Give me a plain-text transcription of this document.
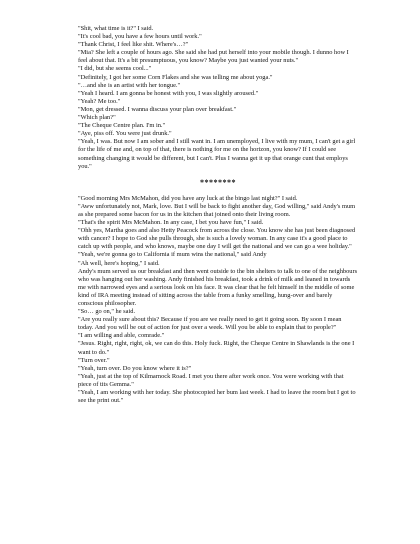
"Shit, what time is it?" I said.

"It's cool bad, you have a few hours until work."

"Thank Christ, I feel like shit. Where's…?"

"Mia? She left a couple of hours ago. She said she had put herself into your mobile though. I dunno how I feel about that. It's a bit presumptuous, you know? Maybe you just wanted your nuts."

"I did, but she seems cool..."

"Definitely, I got her some Corn Flakes and she was telling me about yoga."

"…and she is an artist with her tongue."

"Yeah I heard. I am gonna be honest with you, I was slightly aroused."

"Yeah? Me too."

"Mon, get dressed. I wanna discuss your plan over breakfast."

"Which plan?"

"The Cheque Centre plan. I'm in."

"Aye, piss off. You were just drunk."

"Yeah, I was. But now I am sober and I still want in. I am unemployed, I live with my mum, I can't get a girl for the life of me and, on top of that, there is nothing for me on the horizon, you know? If I could see something changing it would be different, but I can't. Plus I wanna get it up that orange cunt that employs you."

********

"Good morning Mrs McMahon, did you have any luck at the bingo last night?" I said.

"Aww unfortunately not, Mark, love. But I will be back to fight another day, God willing," said Andy's mum as she prepared some bacon for us in the kitchen that joined onto their living room.

"That's the spirit Mrs McMahon. In any case, I bet you have fun," I said.

"Ohh yes, Martha goes and also Hetty Peacock from across the close. You know she has just been diagnosed with cancer? I hope to God she pulls through, she is such a lovely woman. In any case it's a good place to catch up with people, and who knows, maybe one day I will get the national and we can go a wee holiday."

"Yeah, we're gonna go to California if mum wins the national," said Andy

"Ah well, here's hoping," I said.

Andy's mum served us our breakfast and then went outside to the bin shelters to talk to one of the neighbours who was hanging out her washing. Andy finished his breakfast, took a drink of milk and leaned in towards me with narrowed eyes and a serious look on his face. It was clear that he felt himself in the middle of some kind of IRA meeting instead of sitting across the table from a funky smelling, hung-over and barely conscious philosopher.

"So… go on," he said.

"Are you really sure about this? Because if you are we really need to get it going soon. By soon I mean today. And you will be out of action for just over a week. Will you be able to explain that to people?"

"I am willing and able, comrade."

"Jesus. Right, right, right, ok, we can do this. Holy fuck. Right, the Cheque Centre in Shawlands is the one I want to do."

"Turn over."

"Yeah, turn over. Do you know where it is?"

"Yeah, just at the top of Kilmarnock Road. I met you there after work once. You were working with that piece of tits Gemma."

"Yeah, I am working with her today. She photocopied her bum last week. I had to leave the room but I got to see the print out."
